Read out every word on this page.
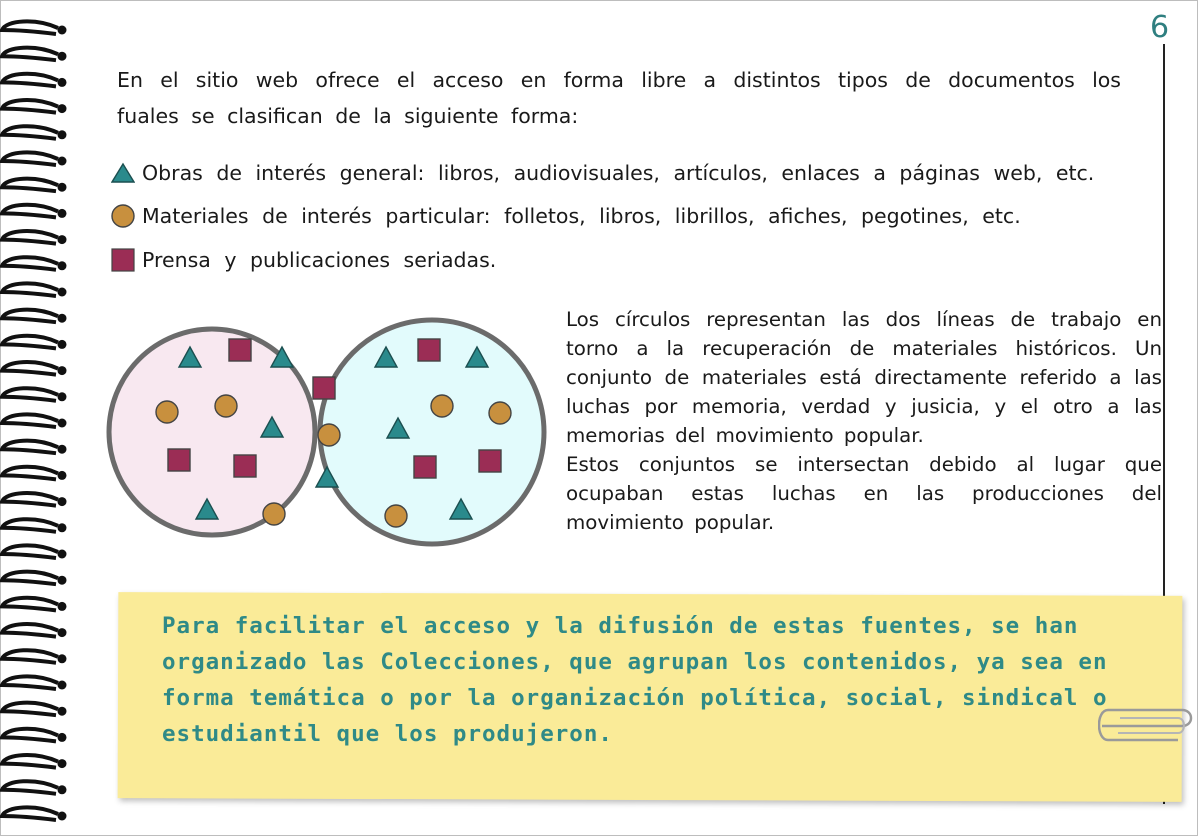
6
En el sitio web ofrece el acceso en forma libre a distintos tipos de documentos los fuales se clasifican de la siguiente forma:
Obras de interés general: libros, audiovisuales, artículos, enlaces a páginas web, etc.
Materiales de interés particular: folletos, libros, librillos, afiches, pegotines, etc.
Prensa y publicaciones seriadas.

Los círculos representan las dos líneas de trabajo en torno a la recuperación de materiales históricos. Un conjunto de materiales está directamente referido a las luchas por memoria, verdad y jusicia, y el otro a las memorias del movimiento popular.

Estos conjuntos se intersectan debido al lugar que ocupaban estas luchas en las producciones del movimiento popular.

Para facilitar el acceso y la difusión de estas fuentes, se han organizado las Colecciones, que agrupan los contenidos, ya sea en forma temática o por la organización política, social, sindical o estudiantil que los produjeron.
